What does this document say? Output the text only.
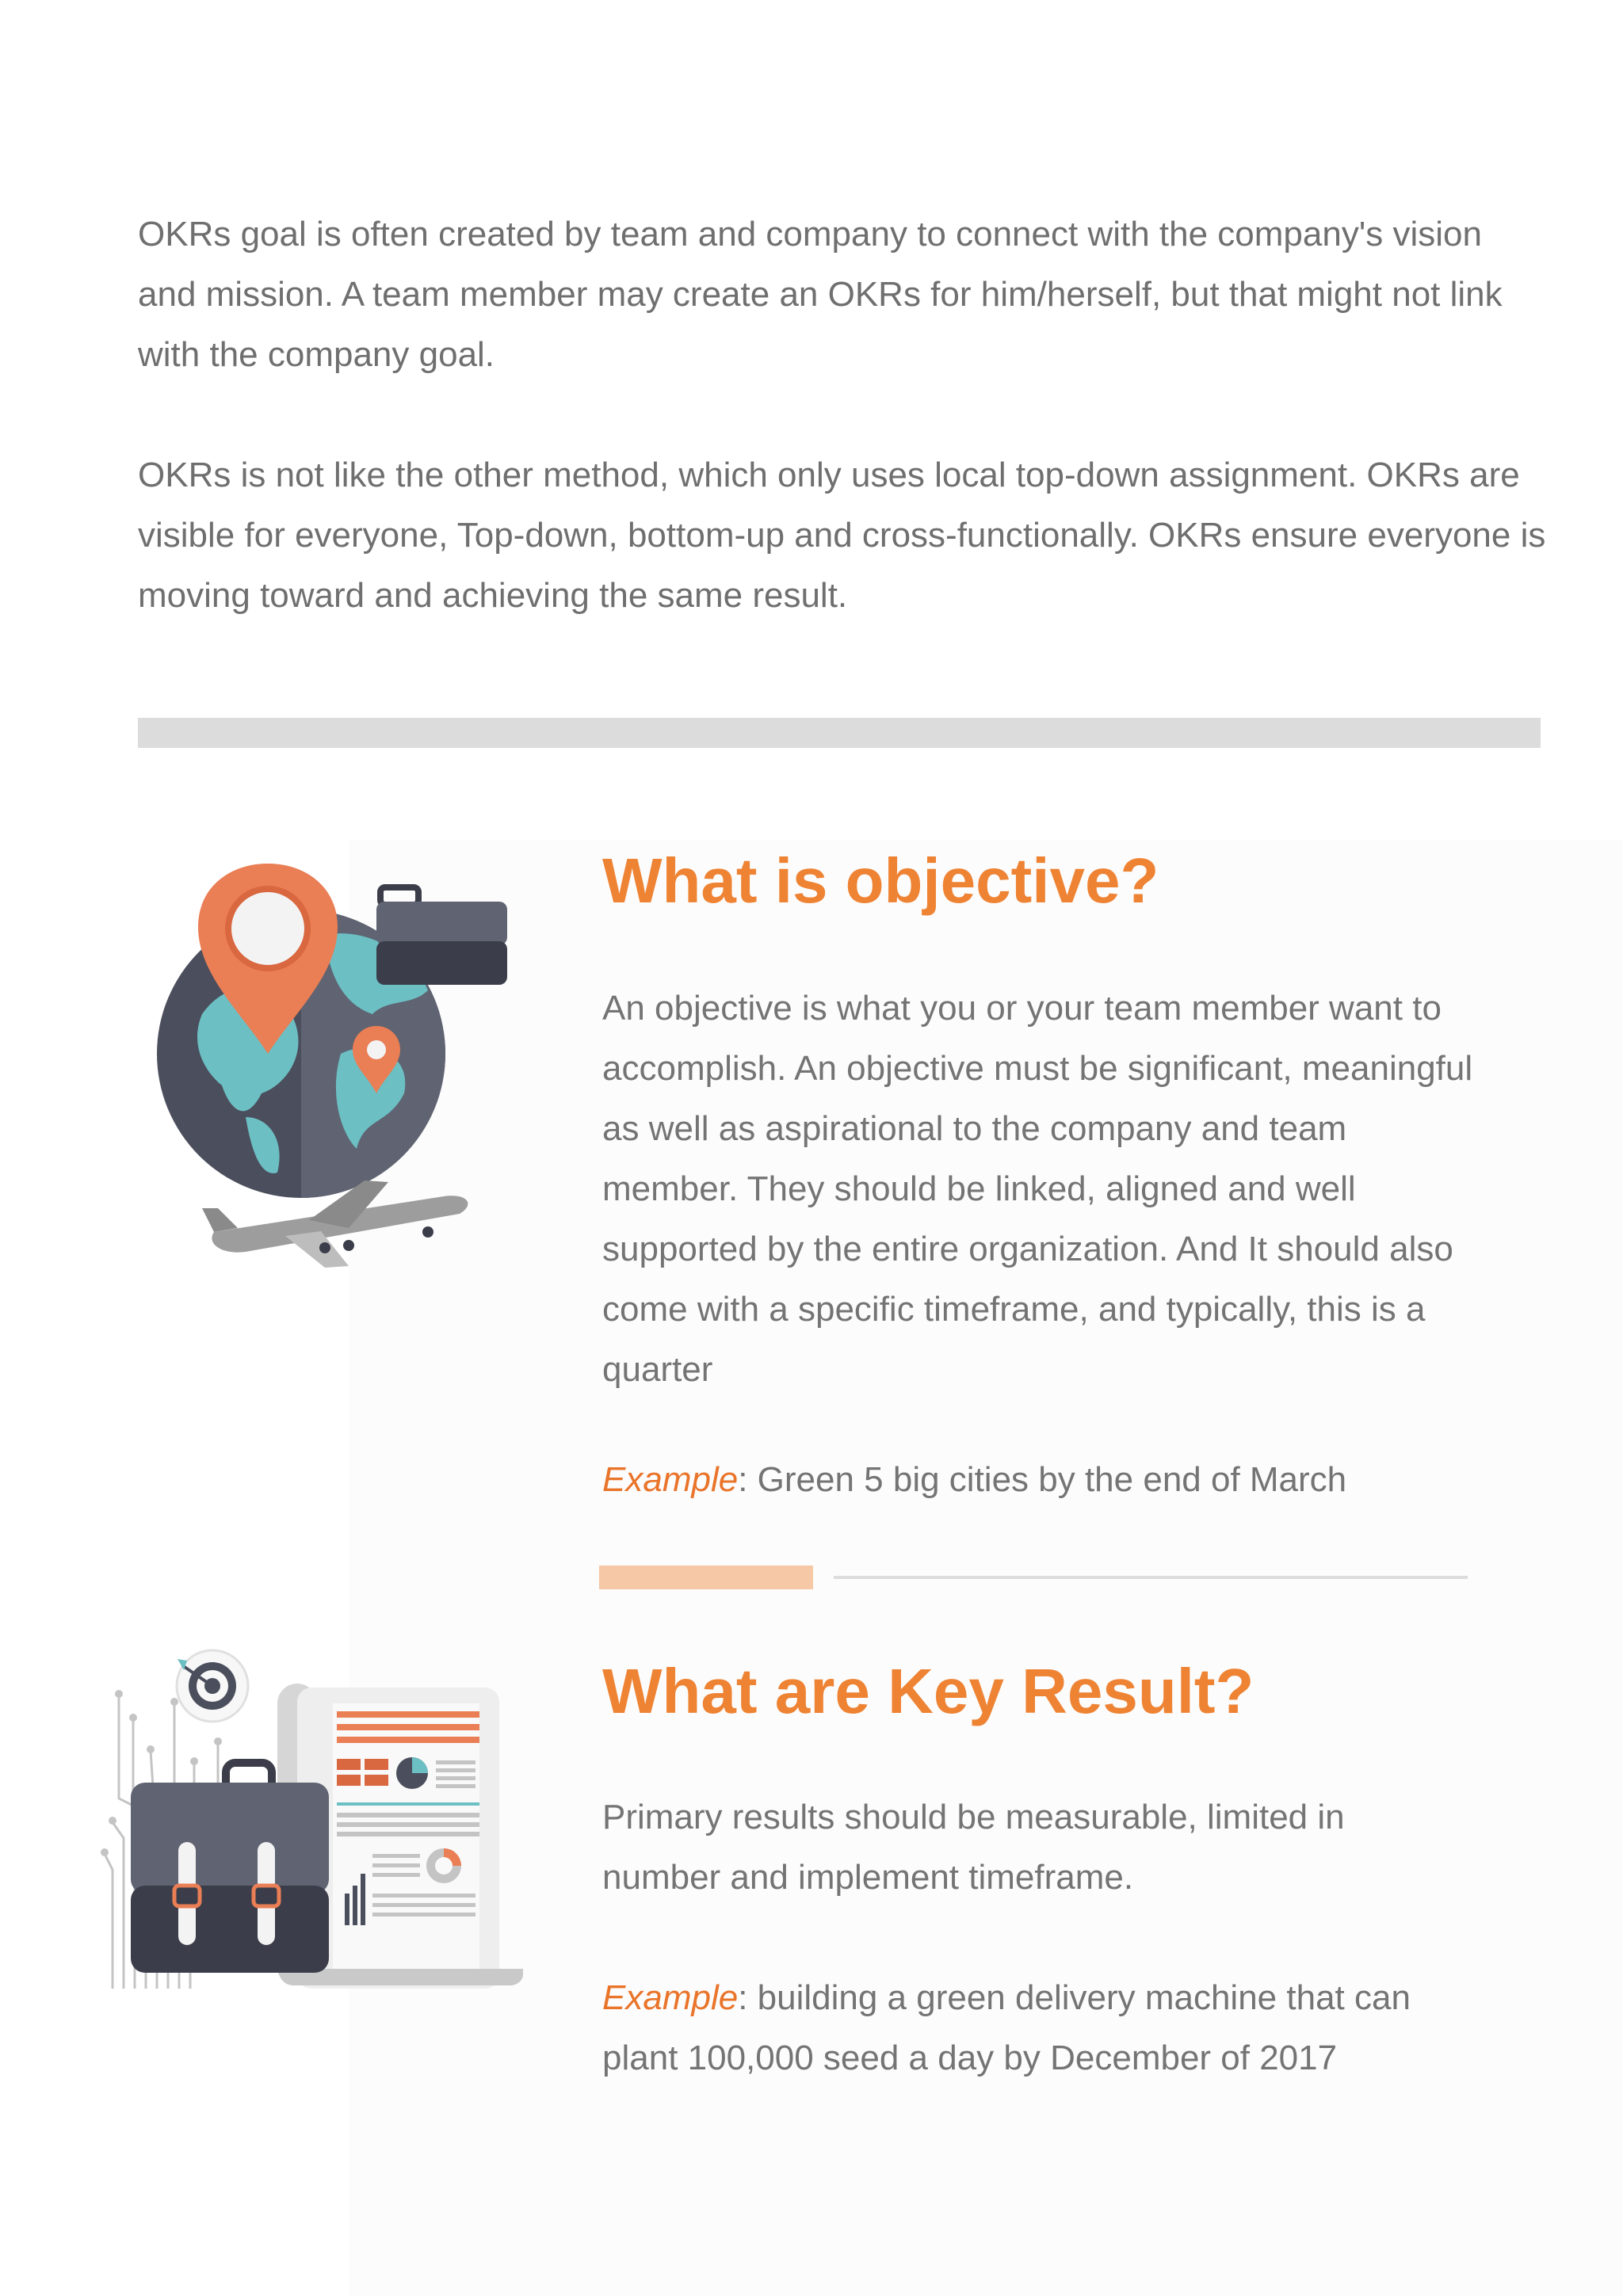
OKRs goal is often created by team and company to connect with the company's vision and mission. A team member may create an OKRs for him/herself, but that might not link with the company goal.

OKRs is not like the other method, which only uses local top-down assignment. OKRs are visible for everyone, Top-down, bottom-up and cross-functionally. OKRs ensure everyone is moving toward and achieving the same result.

What is objective?

An objective is what you or your team member want to accomplish. An objective must be significant, meaningful as well as aspirational to the company and team member. They should be linked, aligned and well supported by the entire organization. And It should also come with a specific timeframe, and typically, this is a quarter

Example: Green 5 big cities by the end of March

What are Key Result?

Primary results should be measurable, limited in number and implement timeframe.

Example: building a green delivery machine that can plant 100,000 seed a day by December of 2017
